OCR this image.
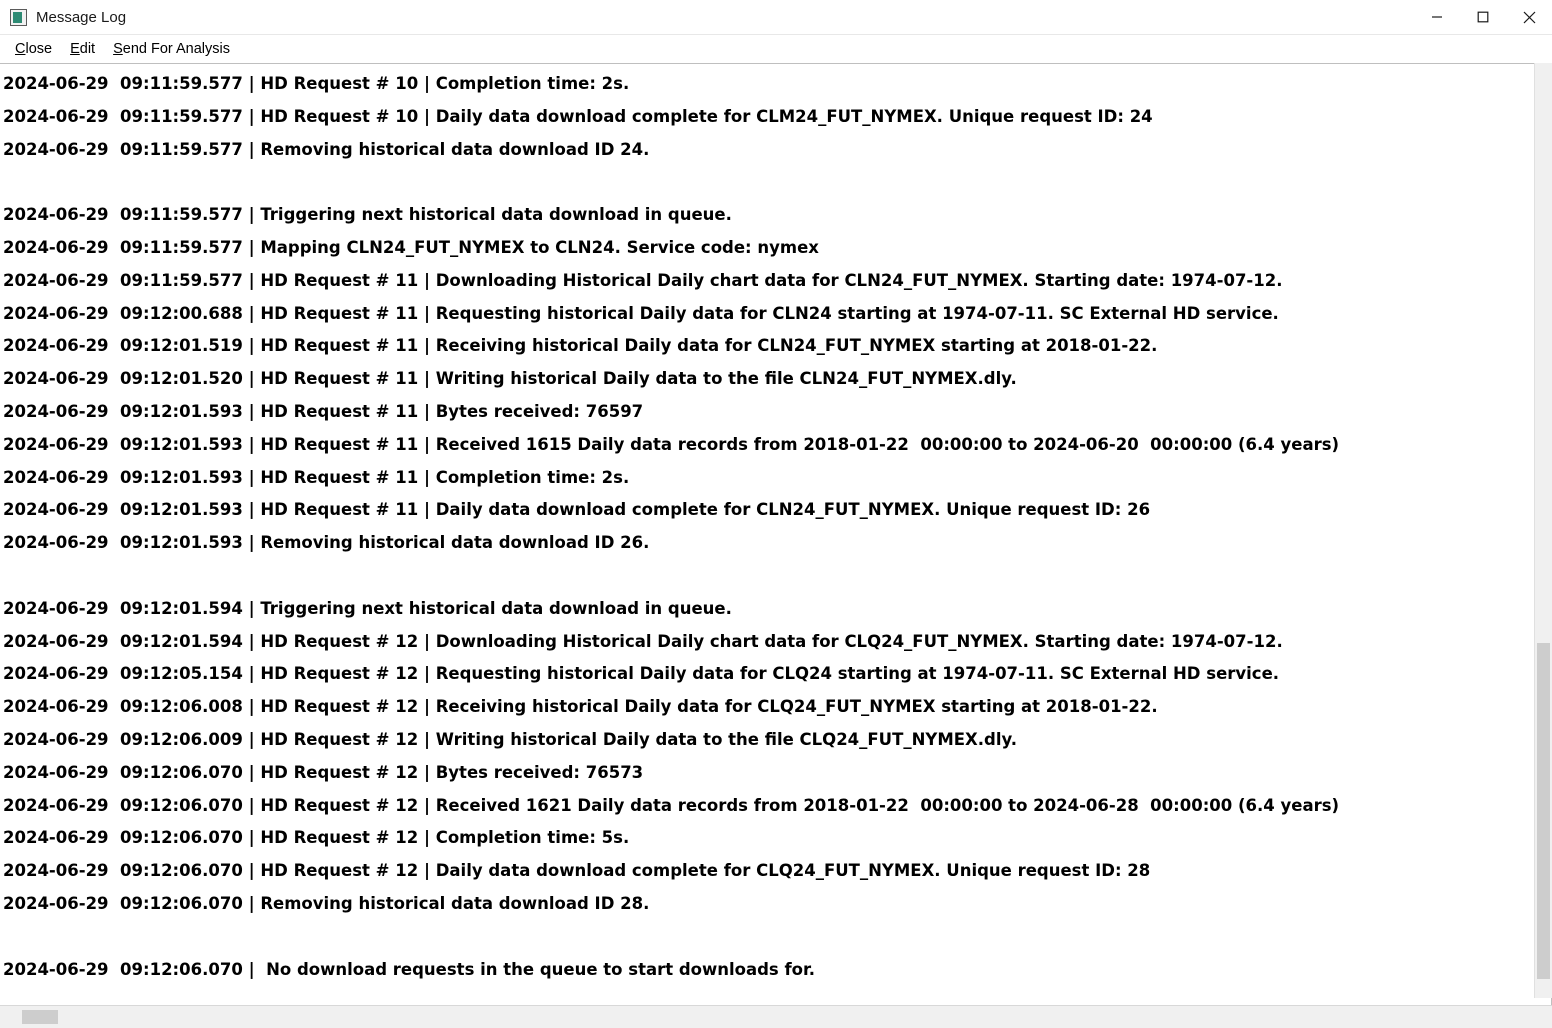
Message Log
Close	Edit	Send For Analysis
2024-06-29  09:11:59.577 | HD Request # 10 | Completion time: 2s.
2024-06-29  09:11:59.577 | HD Request # 10 | Daily data download complete for CLM24_FUT_NYMEX. Unique request ID: 24
2024-06-29  09:11:59.577 | Removing historical data download ID 24.

2024-06-29  09:11:59.577 | Triggering next historical data download in queue.
2024-06-29  09:11:59.577 | Mapping CLN24_FUT_NYMEX to CLN24. Service code: nymex
2024-06-29  09:11:59.577 | HD Request # 11 | Downloading Historical Daily chart data for CLN24_FUT_NYMEX. Starting date: 1974-07-12.
2024-06-29  09:12:00.688 | HD Request # 11 | Requesting historical Daily data for CLN24 starting at 1974-07-11. SC External HD service.
2024-06-29  09:12:01.519 | HD Request # 11 | Receiving historical Daily data for CLN24_FUT_NYMEX starting at 2018-01-22.
2024-06-29  09:12:01.520 | HD Request # 11 | Writing historical Daily data to the file CLN24_FUT_NYMEX.dly.
2024-06-29  09:12:01.593 | HD Request # 11 | Bytes received: 76597
2024-06-29  09:12:01.593 | HD Request # 11 | Received 1615 Daily data records from 2018-01-22  00:00:00 to 2024-06-20  00:00:00 (6.4 years)
2024-06-29  09:12:01.593 | HD Request # 11 | Completion time: 2s.
2024-06-29  09:12:01.593 | HD Request # 11 | Daily data download complete for CLN24_FUT_NYMEX. Unique request ID: 26
2024-06-29  09:12:01.593 | Removing historical data download ID 26.

2024-06-29  09:12:01.594 | Triggering next historical data download in queue.
2024-06-29  09:12:01.594 | HD Request # 12 | Downloading Historical Daily chart data for CLQ24_FUT_NYMEX. Starting date: 1974-07-12.
2024-06-29  09:12:05.154 | HD Request # 12 | Requesting historical Daily data for CLQ24 starting at 1974-07-11. SC External HD service.
2024-06-29  09:12:06.008 | HD Request # 12 | Receiving historical Daily data for CLQ24_FUT_NYMEX starting at 2018-01-22.
2024-06-29  09:12:06.009 | HD Request # 12 | Writing historical Daily data to the file CLQ24_FUT_NYMEX.dly.
2024-06-29  09:12:06.070 | HD Request # 12 | Bytes received: 76573
2024-06-29  09:12:06.070 | HD Request # 12 | Received 1621 Daily data records from 2018-01-22  00:00:00 to 2024-06-28  00:00:00 (6.4 years)
2024-06-29  09:12:06.070 | HD Request # 12 | Completion time: 5s.
2024-06-29  09:12:06.070 | HD Request # 12 | Daily data download complete for CLQ24_FUT_NYMEX. Unique request ID: 28
2024-06-29  09:12:06.070 | Removing historical data download ID 28.

2024-06-29  09:12:06.070 |  No download requests in the queue to start downloads for.
